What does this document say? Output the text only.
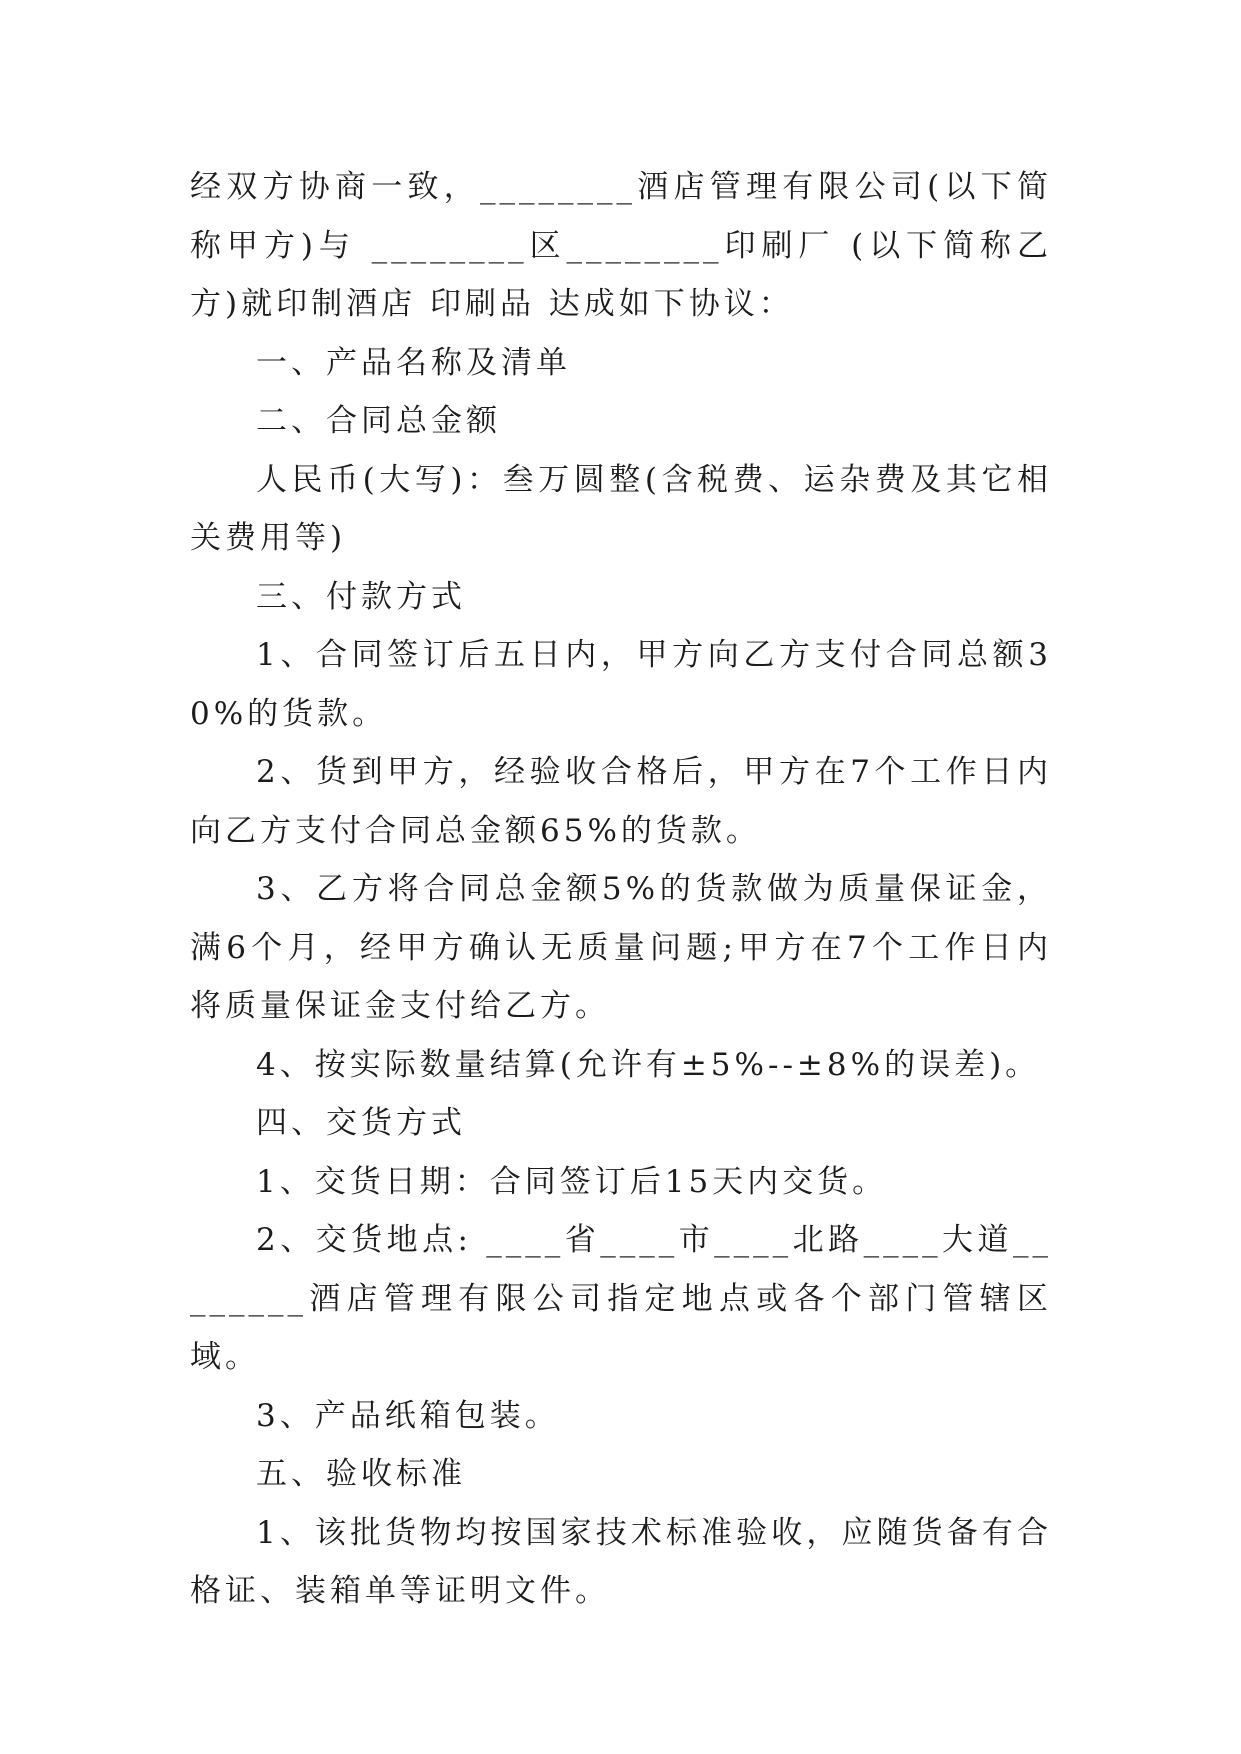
经双方协商一致，________酒店管理有限公司(以下简称甲方)与 ________区________印刷厂 (以下简称乙方)就印制酒店 印刷品 达成如下协议：

一、产品名称及清单

二、合同总金额

人民币(大写)：叁万圆整(含税费、运杂费及其它相关费用等)

三、付款方式

1、合同签订后五日内，甲方向乙方支付合同总额30%的货款。

2、货到甲方，经验收合格后，甲方在7个工作日内向乙方支付合同总金额65%的货款。

3、乙方将合同总金额5%的货款做为质量保证金，满6个月，经甲方确认无质量问题;甲方在7个工作日内将质量保证金支付给乙方。

4、按实际数量结算(允许有±5%--±8%的误差)。

四、交货方式

1、交货日期：合同签订后15天内交货。

2、交货地点: ____省____市____北路____大道________酒店管理有限公司指定地点或各个部门管辖区域。

3、产品纸箱包装。

五、验收标准

1、该批货物均按国家技术标准验收，应随货备有合格证、装箱单等证明文件。
